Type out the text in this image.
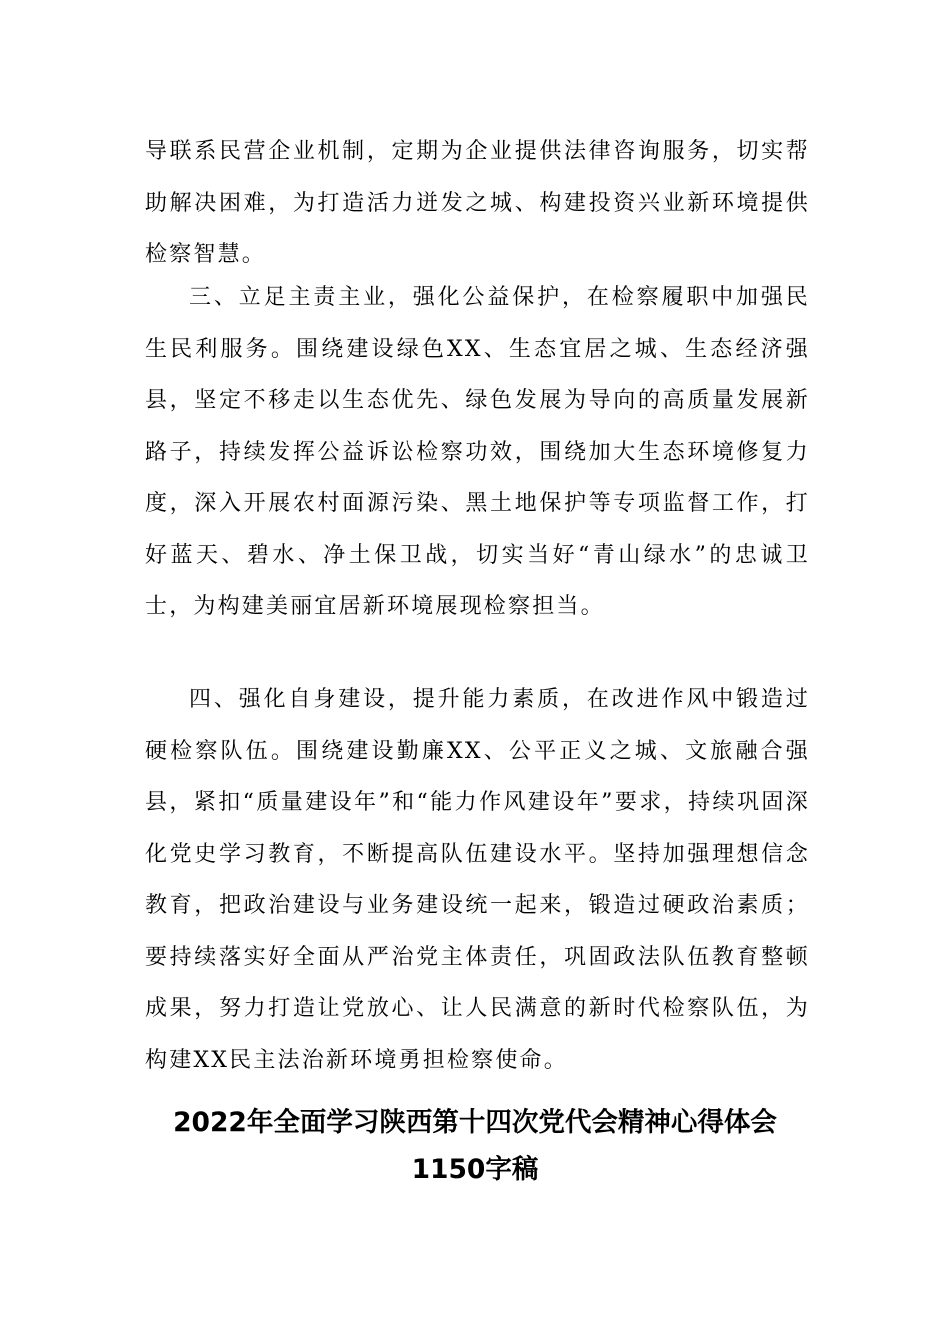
导联系民营企业机制，定期为企业提供法律咨询服务，切实帮助解决困难，为打造活力迸发之城、构建投资兴业新环境提供检察智慧。

三、立足主责主业，强化公益保护，在检察履职中加强民生民利服务。围绕建设绿色XX、生态宜居之城、生态经济强县，坚定不移走以生态优先、绿色发展为导向的高质量发展新路子，持续发挥公益诉讼检察功效，围绕加大生态环境修复力度，深入开展农村面源污染、黑土地保护等专项监督工作，打好蓝天、碧水、净土保卫战，切实当好“青山绿水”的忠诚卫士，为构建美丽宜居新环境展现检察担当。

四、强化自身建设，提升能力素质，在改进作风中锻造过硬检察队伍。围绕建设勤廉XX、公平正义之城、文旅融合强县，紧扣“质量建设年”和“能力作风建设年”要求，持续巩固深化党史学习教育，不断提高队伍建设水平。坚持加强理想信念教育，把政治建设与业务建设统一起来，锻造过硬政治素质；要持续落实好全面从严治党主体责任，巩固政法队伍教育整顿成果，努力打造让党放心、让人民满意的新时代检察队伍，为构建XX民主法治新环境勇担检察使命。

2022年全面学习陕西第十四次党代会精神心得体会
1150字稿
